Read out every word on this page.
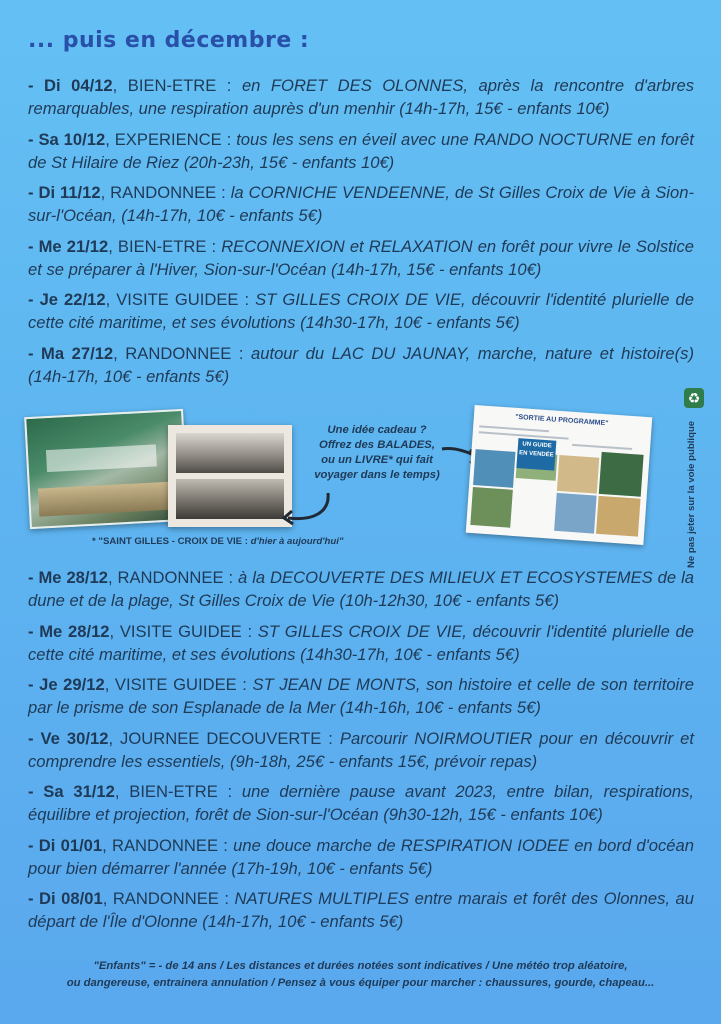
... puis en décembre :

- Di 04/12, BIEN-ETRE : en FORET DES OLONNES, après la rencontre d'arbres remarquables, une respiration auprès d'un menhir (14h-17h, 15€ - enfants 10€)

- Sa 10/12, EXPERIENCE : tous les sens en éveil avec une RANDO NOCTURNE en forêt de St Hilaire de Riez (20h-23h, 15€ - enfants 10€)

- Di 11/12, RANDONNEE : la CORNICHE VENDEENNE, de St Gilles Croix de Vie à Sion-sur-l'Océan, (14h-17h, 10€ - enfants 5€)

- Me 21/12, BIEN-ETRE : RECONNEXION et RELAXATION en forêt pour vivre le Solstice et se préparer à l'Hiver, Sion-sur-l'Océan (14h-17h, 15€ - enfants 10€)

- Je 22/12, VISITE GUIDEE : ST GILLES CROIX DE VIE, découvrir l'identité plurielle de cette cité maritime, et ses évolutions (14h30-17h, 10€ - enfants 5€)

- Ma 27/12, RANDONNEE : autour du LAC DU JAUNAY, marche, nature et histoire(s) (14h-17h, 10€ - enfants 5€)

* "SAINT GILLES - CROIX DE VIE : d'hier à aujourd'hui"
Une idée cadeau ?
Offrez des BALADES,
ou un LIVRE* qui fait
voyager dans le temps)
"SORTIE AU PROGRAMME"
UN GUIDE EN VENDÉE
♻
Ne pas jeter sur la voie publique

- Me 28/12, RANDONNEE : à la DECOUVERTE DES MILIEUX ET ECOSYSTEMES de la dune et de la plage, St Gilles Croix de Vie (10h-12h30, 10€ - enfants 5€)

- Me 28/12, VISITE GUIDEE : ST GILLES CROIX DE VIE, découvrir l'identité plurielle de cette cité maritime, et ses évolutions (14h30-17h, 10€ - enfants 5€)

- Je 29/12, VISITE GUIDEE : ST JEAN DE MONTS, son histoire et celle de son territoire par le prisme de son Esplanade de la Mer (14h-16h, 10€ - enfants 5€)

- Ve 30/12, JOURNEE DECOUVERTE : Parcourir NOIRMOUTIER pour en découvrir et comprendre les essentiels, (9h-18h, 25€ - enfants 15€, prévoir repas)

- Sa 31/12, BIEN-ETRE : une dernière pause avant 2023, entre bilan, respirations, équilibre et projection, forêt de Sion-sur-l'Océan (9h30-12h, 15€ - enfants 10€)

- Di 01/01, RANDONNEE : une douce marche de RESPIRATION IODEE en bord d'océan pour bien démarrer l'année (17h-19h, 10€ - enfants 5€)

- Di 08/01, RANDONNEE : NATURES MULTIPLES entre marais et forêt des Olonnes, au départ de l'Île d'Olonne (14h-17h, 10€ - enfants 5€)

"Enfants" = - de 14 ans / Les distances et durées notées sont indicatives / Une météo trop aléatoire,
ou dangereuse, entrainera annulation / Pensez à vous équiper pour marcher : chaussures, gourde, chapeau...
